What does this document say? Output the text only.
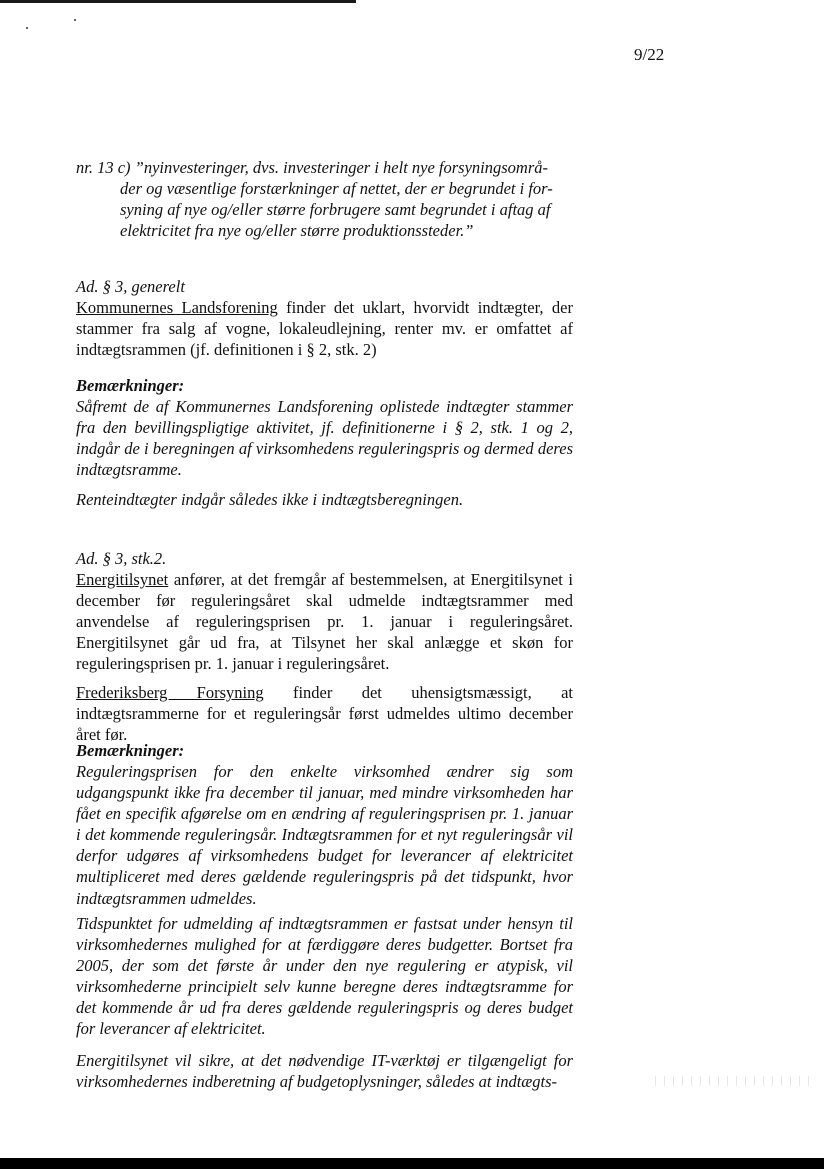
9/22
nr. 13 c) ”nyinvesteringer, dvs. investeringer i helt nye forsyningsområ-
der og væsentlige forstærkninger af nettet, der er begrundet i for-
syning af nye og/eller større forbrugere samt begrundet i aftag af
elektricitet fra nye og/eller større produktionssteder.”
Ad. § 3, generelt
Kommunernes Landsforening finder det uklart, hvorvidt indtægter, der stammer fra salg af vogne, lokaleudlejning, renter mv. er omfattet af indtægtsrammen (jf. definitionen i § 2, stk. 2)
Bemærkninger:
Såfremt de af Kommunernes Landsforening oplistede indtægter stammer fra den bevillingspligtige aktivitet, jf. definitionerne i § 2, stk. 1 og 2, indgår de i beregningen af virksomhedens reguleringspris og dermed deres indtægtsramme.
Renteindtægter indgår således ikke i indtægtsberegningen.
Ad. § 3, stk.2.
Energitilsynet anfører, at det fremgår af bestemmelsen, at Energitilsynet i december før reguleringsåret skal udmelde indtægtsrammer med anvendelse af reguleringsprisen pr. 1. januar i reguleringsåret. Energitilsynet går ud fra, at Tilsynet her skal anlægge et skøn for reguleringsprisen pr. 1. januar i reguleringsåret.
Frederiksberg Forsyning finder det uhensigtsmæssigt, at indtægtsrammerne for et reguleringsår først udmeldes ultimo december året før.
Bemærkninger:
Reguleringsprisen for den enkelte virksomhed ændrer sig som udgangspunkt ikke fra december til januar, med mindre virksomheden har fået en specifik afgørelse om en ændring af reguleringsprisen pr. 1. januar i det kommende reguleringsår. Indtægtsrammen for et nyt reguleringsår vil derfor udgøres af virksomhedens budget for leverancer af elektricitet multipliceret med deres gældende reguleringspris på det tidspunkt, hvor indtægtsrammen udmeldes.
Tidspunktet for udmelding af indtægtsrammen er fastsat under hensyn til virksomhedernes mulighed for at færdiggøre deres budgetter. Bortset fra 2005, der som det første år under den nye regulering er atypisk, vil virksomhederne principielt selv kunne beregne deres indtægtsramme for det kommende år ud fra deres gældende reguleringspris og deres budget for leverancer af elektricitet.
Energitilsynet vil sikre, at det nødvendige IT-værktøj er tilgængeligt for virksomhedernes indberetning af budgetoplysninger, således at indtægts-
